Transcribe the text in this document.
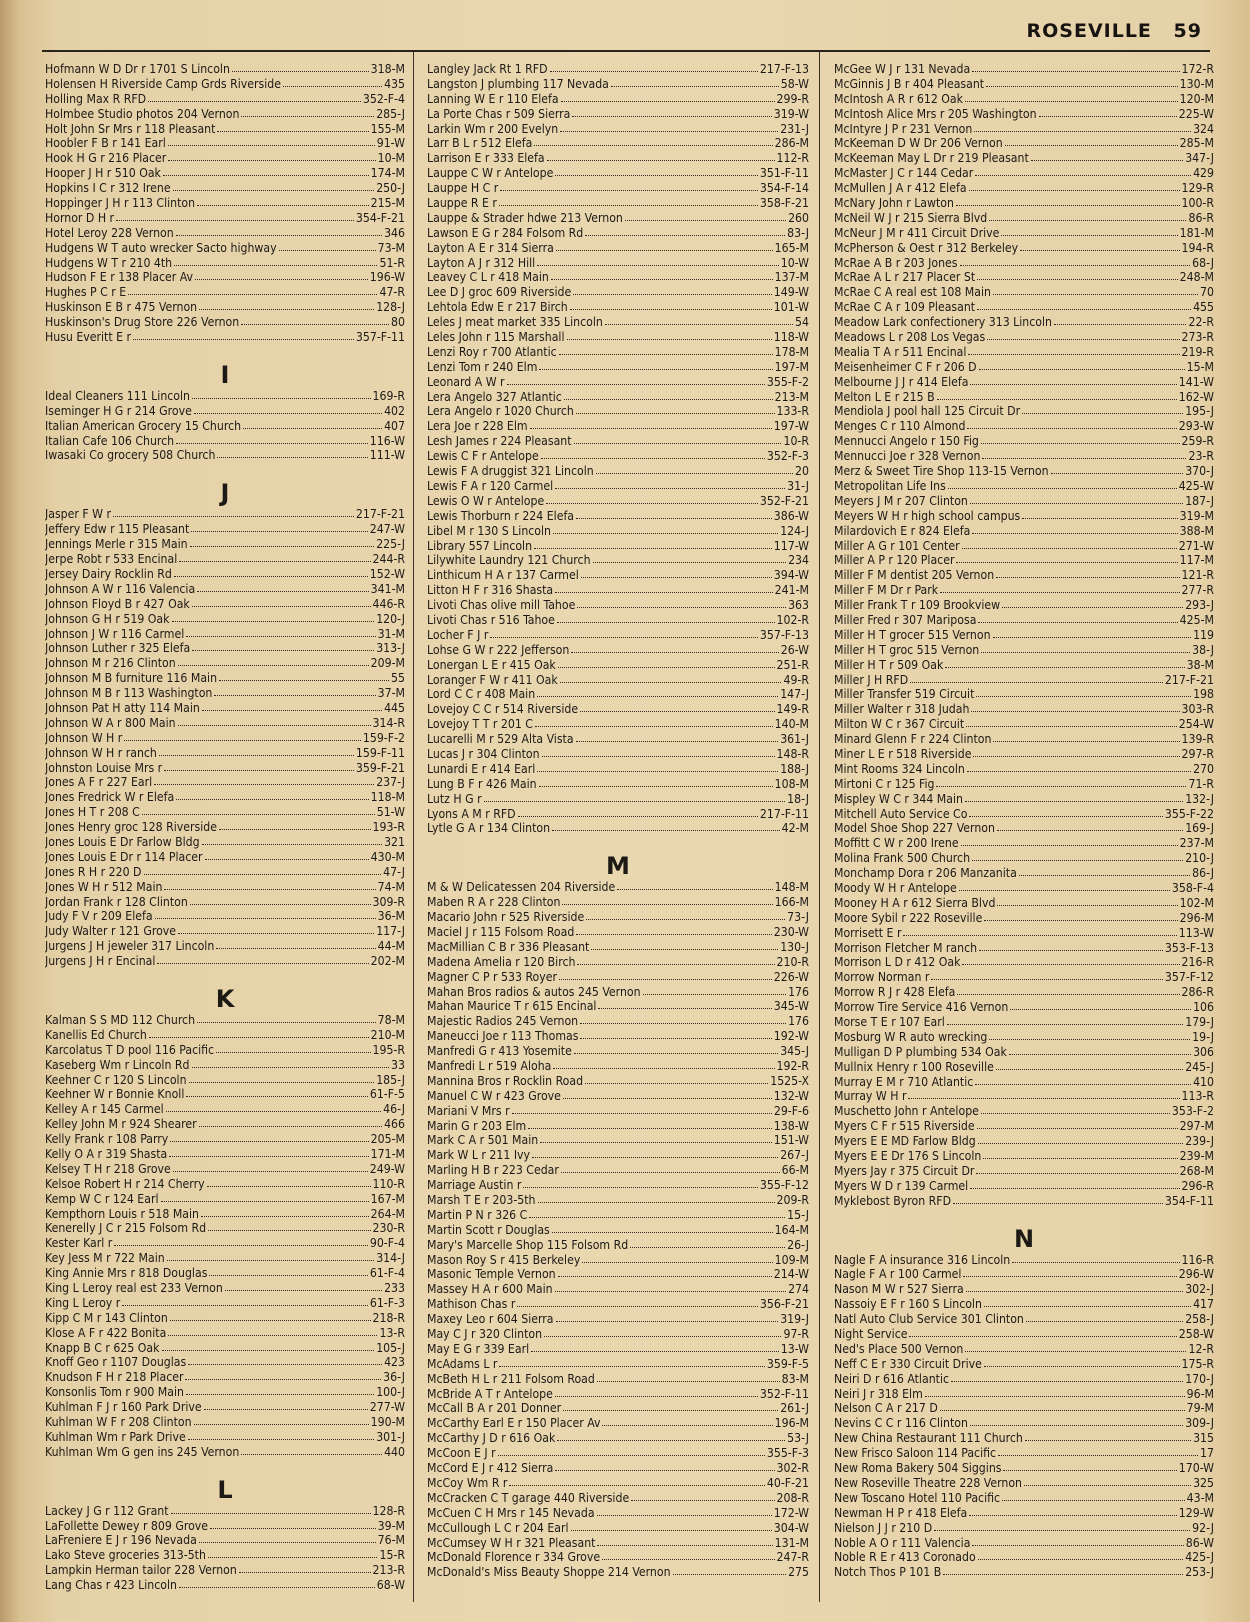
ROSEVILLE 59
Hofmann W D Dr r 1701 S Lincoln	318-M
Holensen H Riverside Camp Grds Riverside	435
Holling Max R RFD	352-F-4
Holmbee Studio photos 204 Vernon	285-J
Holt John Sr Mrs r 118 Pleasant	155-M
Hoobler F B r 141 Earl	91-W
Hook H G r 216 Placer	10-M
Hooper J H r 510 Oak	174-M
Hopkins I C r 312 Irene	250-J
Hoppinger J H r 113 Clinton	215-M
Hornor D H r	354-F-21
Hotel Leroy 228 Vernon	346
Hudgens W T auto wrecker Sacto highway	73-M
Hudgens W T r 210 4th	51-R
Hudson F E r 138 Placer Av	196-W
Hughes P C r E	47-R
Huskinson E B r 475 Vernon	128-J
Huskinson's Drug Store 226 Vernon	80
Husu Everitt E r	357-F-11
I
Ideal Cleaners 111 Lincoln	169-R
Iseminger H G r 214 Grove	402
Italian American Grocery 15 Church	407
Italian Cafe 106 Church	116-W
Iwasaki Co grocery 508 Church	111-W
J
Jasper F W r	217-F-21
Jeffery Edw r 115 Pleasant	247-W
Jennings Merle r 315 Main	225-J
Jerpe Robt r 533 Encinal	244-R
Jersey Dairy Rocklin Rd	152-W
Johnson A W r 116 Valencia	341-M
Johnson Floyd B r 427 Oak	446-R
Johnson G H r 519 Oak	120-J
Johnson J W r 116 Carmel	31-M
Johnson Luther r 325 Elefa	313-J
Johnson M r 216 Clinton	209-M
Johnson M B furniture 116 Main	55
Johnson M B r 113 Washington	37-M
Johnson Pat H atty 114 Main	445
Johnson W A r 800 Main	314-R
Johnson W H r	159-F-2
Johnson W H r ranch	159-F-11
Johnston Louise Mrs r	359-F-21
Jones A F r 227 Earl	237-J
Jones Fredrick W r Elefa	118-M
Jones H T r 208 C	51-W
Jones Henry groc 128 Riverside	193-R
Jones Louis E Dr Farlow Bldg	321
Jones Louis E Dr r 114 Placer	430-M
Jones R H r 220 D	47-J
Jones W H r 512 Main	74-M
Jordan Frank r 128 Clinton	309-R
Judy F V r 209 Elefa	36-M
Judy Walter r 121 Grove	117-J
Jurgens J H jeweler 317 Lincoln	44-M
Jurgens J H r Encinal	202-M
K
Kalman S S MD 112 Church	78-M
Kanellis Ed Church	210-M
Karcolatus T D pool 116 Pacific	195-R
Kaseberg Wm r Lincoln Rd	33
Keehner C r 120 S Lincoln	185-J
Keehner W r Bonnie Knoll	61-F-5
Kelley A r 145 Carmel	46-J
Kelley John M r 924 Shearer	466
Kelly Frank r 108 Parry	205-M
Kelly O A r 319 Shasta	171-M
Kelsey T H r 218 Grove	249-W
Kelsoe Robert H r 214 Cherry	110-R
Kemp W C r 124 Earl	167-M
Kempthorn Louis r 518 Main	264-M
Kenerelly J C r 215 Folsom Rd	230-R
Kester Karl r	90-F-4
Key Jess M r 722 Main	314-J
King Annie Mrs r 818 Douglas	61-F-4
King L Leroy real est 233 Vernon	233
King L Leroy r	61-F-3
Kipp C M r 143 Clinton	218-R
Klose A F r 422 Bonita	13-R
Knapp B C r 625 Oak	105-J
Knoff Geo r 1107 Douglas	423
Knudson F H r 218 Placer	36-J
Konsonlis Tom r 900 Main	100-J
Kuhlman F J r 160 Park Drive	277-W
Kuhlman W F r 208 Clinton	190-M
Kuhlman Wm r Park Drive	301-J
Kuhlman Wm G gen ins 245 Vernon	440
L
Lackey J G r 112 Grant	128-R
LaFollette Dewey r 809 Grove	39-M
LaFreniere E J r 196 Nevada	76-M
Lako Steve groceries 313-5th	15-R
Lampkin Herman tailor 228 Vernon	213-R
Lang Chas r 423 Lincoln	68-W
Langley Jack Rt 1 RFD	217-F-13
Langston J plumbing 117 Nevada	58-W
Lanning W E r 110 Elefa	299-R
La Porte Chas r 509 Sierra	319-W
Larkin Wm r 200 Evelyn	231-J
Larr B L r 512 Elefa	286-M
Larrison E r 333 Elefa	112-R
Lauppe C W r Antelope	351-F-11
Lauppe H C r	354-F-14
Lauppe R E r	358-F-21
Lauppe & Strader hdwe 213 Vernon	260
Lawson E G r 284 Folsom Rd	83-J
Layton A E r 314 Sierra	165-M
Layton A J r 312 Hill	10-W
Leavey C L r 418 Main	137-M
Lee D J groc 609 Riverside	149-W
Lehtola Edw E r 217 Birch	101-W
Leles J meat market 335 Lincoln	54
Leles John r 115 Marshall	118-W
Lenzi Roy r 700 Atlantic	178-M
Lenzi Tom r 240 Elm	197-M
Leonard A W r	355-F-2
Lera Angelo 327 Atlantic	213-M
Lera Angelo r 1020 Church	133-R
Lera Joe r 228 Elm	197-W
Lesh James r 224 Pleasant	10-R
Lewis C F r Antelope	352-F-3
Lewis F A druggist 321 Lincoln	20
Lewis F A r 120 Carmel	31-J
Lewis O W r Antelope	352-F-21
Lewis Thorburn r 224 Elefa	386-W
Libel M r 130 S Lincoln	124-J
Library 557 Lincoln	117-W
Lilywhite Laundry 121 Church	234
Linthicum H A r 137 Carmel	394-W
Litton H F r 316 Shasta	241-M
Livoti Chas olive mill Tahoe	363
Livoti Chas r 516 Tahoe	102-R
Locher F J r	357-F-13
Lohse G W r 222 Jefferson	26-W
Lonergan L E r 415 Oak	251-R
Loranger F W r 411 Oak	49-R
Lord C C r 408 Main	147-J
Lovejoy C C r 514 Riverside	149-R
Lovejoy T T r 201 C	140-M
Lucarelli M r 529 Alta Vista	361-J
Lucas J r 304 Clinton	148-R
Lunardi E r 414 Earl	188-J
Lung B F r 426 Main	108-M
Lutz H G r	18-J
Lyons A M r RFD	217-F-11
Lytle G A r 134 Clinton	42-M
M
M & W Delicatessen 204 Riverside	148-M
Maben R A r 228 Clinton	166-M
Macario John r 525 Riverside	73-J
Maciel J r 115 Folsom Road	230-W
MacMillian C B r 336 Pleasant	130-J
Madena Amelia r 120 Birch	210-R
Magner C P r 533 Royer	226-W
Mahan Bros radios & autos 245 Vernon	176
Mahan Maurice T r 615 Encinal	345-W
Majestic Radios 245 Vernon	176
Maneucci Joe r 113 Thomas	192-W
Manfredi G r 413 Yosemite	345-J
Manfredi L r 519 Aloha	192-R
Mannina Bros r Rocklin Road	1525-X
Manuel C W r 423 Grove	132-W
Mariani V Mrs r	29-F-6
Marin G r 203 Elm	138-W
Mark C A r 501 Main	151-W
Mark W L r 211 Ivy	267-J
Marling H B r 223 Cedar	66-M
Marriage Austin r	355-F-12
Marsh T E r 203-5th	209-R
Martin P N r 326 C	15-J
Martin Scott r Douglas	164-M
Mary's Marcelle Shop 115 Folsom Rd	26-J
Mason Roy S r 415 Berkeley	109-M
Masonic Temple Vernon	214-W
Massey H A r 600 Main	274
Mathison Chas r	356-F-21
Maxey Leo r 604 Sierra	319-J
May C J r 320 Clinton	97-R
May E G r 339 Earl	13-W
McAdams L r	359-F-5
McBeth H L r 211 Folsom Road	83-M
McBride A T r Antelope	352-F-11
McCall B A r 201 Donner	261-J
McCarthy Earl E r 150 Placer Av	196-M
McCarthy J D r 616 Oak	53-J
McCoon E J r	355-F-3
McCord E J r 412 Sierra	302-R
McCoy Wm R r	40-F-21
McCracken C T garage 440 Riverside	208-R
McCuen C H Mrs r 145 Nevada	172-W
McCullough L C r 204 Earl	304-W
McCumsey W H r 321 Pleasant	131-M
McDonald Florence r 334 Grove	247-R
McDonald's Miss Beauty Shoppe 214 Vernon	275
McGee W J r 131 Nevada	172-R
McGinnis J B r 404 Pleasant	130-M
McIntosh A R r 612 Oak	120-M
McIntosh Alice Mrs r 205 Washington	225-W
McIntyre J P r 231 Vernon	324
McKeeman D W Dr 206 Vernon	285-M
McKeeman May L Dr r 219 Pleasant	347-J
McMaster J C r 144 Cedar	429
McMullen J A r 412 Elefa	129-R
McNary John r Lawton	100-R
McNeil W J r 215 Sierra Blvd	86-R
McNeur J M r 411 Circuit Drive	181-M
McPherson & Oest r 312 Berkeley	194-R
McRae A B r 203 Jones	68-J
McRae A L r 217 Placer St	248-M
McRae C A real est 108 Main	70
McRae C A r 109 Pleasant	455
Meadow Lark confectionery 313 Lincoln	22-R
Meadows L r 208 Los Vegas	273-R
Mealia T A r 511 Encinal	219-R
Meisenheimer C F r 206 D	15-M
Melbourne J J r 414 Elefa	141-W
Melton L E r 215 B	162-W
Mendiola J pool hall 125 Circuit Dr	195-J
Menges C r 110 Almond	293-W
Mennucci Angelo r 150 Fig	259-R
Mennucci Joe r 328 Vernon	23-R
Merz & Sweet Tire Shop 113-15 Vernon	370-J
Metropolitan Life Ins	425-W
Meyers J M r 207 Clinton	187-J
Meyers W H r high school campus	319-M
Milardovich E r 824 Elefa	388-M
Miller A G r 101 Center	271-W
Miller A P r 120 Placer	117-M
Miller F M dentist 205 Vernon	121-R
Miller F M Dr r Park	277-R
Miller Frank T r 109 Brookview	293-J
Miller Fred r 307 Mariposa	425-M
Miller H T grocer 515 Vernon	119
Miller H T groc 515 Vernon	38-J
Miller H T r 509 Oak	38-M
Miller J H RFD	217-F-21
Miller Transfer 519 Circuit	198
Miller Walter r 318 Judah	303-R
Milton W C r 367 Circuit	254-W
Minard Glenn F r 224 Clinton	139-R
Miner L E r 518 Riverside	297-R
Mint Rooms 324 Lincoln	270
Mirtoni C r 125 Fig	71-R
Mispley W C r 344 Main	132-J
Mitchell Auto Service Co	355-F-22
Model Shoe Shop 227 Vernon	169-J
Moffitt C W r 200 Irene	237-M
Molina Frank 500 Church	210-J
Monchamp Dora r 206 Manzanita	86-J
Moody W H r Antelope	358-F-4
Mooney H A r 612 Sierra Blvd	102-M
Moore Sybil r 222 Roseville	296-M
Morrisett E r	113-W
Morrison Fletcher M ranch	353-F-13
Morrison L D r 412 Oak	216-R
Morrow Norman r	357-F-12
Morrow R J r 428 Elefa	286-R
Morrow Tire Service 416 Vernon	106
Morse T E r 107 Earl	179-J
Mosburg W R auto wrecking	19-J
Mulligan D P plumbing 534 Oak	306
Mullnix Henry r 100 Roseville	245-J
Murray E M r 710 Atlantic	410
Murray W H r	113-R
Muschetto John r Antelope	353-F-2
Myers C F r 515 Riverside	297-M
Myers E E MD Farlow Bldg	239-J
Myers E E Dr 176 S Lincoln	239-M
Myers Jay r 375 Circuit Dr	268-M
Myers W D r 139 Carmel	296-R
Myklebost Byron RFD	354-F-11
N
Nagle F A insurance 316 Lincoln	116-R
Nagle F A r 100 Carmel	296-W
Nason M W r 527 Sierra	302-J
Nassoiy E F r 160 S Lincoln	417
Natl Auto Club Service 301 Clinton	258-J
Night Service	258-W
Ned's Place 500 Vernon	12-R
Neff C E r 330 Circuit Drive	175-R
Neiri D r 616 Atlantic	170-J
Neiri J r 318 Elm	96-M
Nelson C A r 217 D	79-M
Nevins C C r 116 Clinton	309-J
New China Restaurant 111 Church	315
New Frisco Saloon 114 Pacific	17
New Roma Bakery 504 Siggins	170-W
New Roseville Theatre 228 Vernon	325
New Toscano Hotel 110 Pacific	43-M
Newman H P r 418 Elefa	129-W
Nielson J J r 210 D	92-J
Noble A O r 111 Valencia	86-W
Noble R E r 413 Coronado	425-J
Notch Thos P 101 B	253-J
